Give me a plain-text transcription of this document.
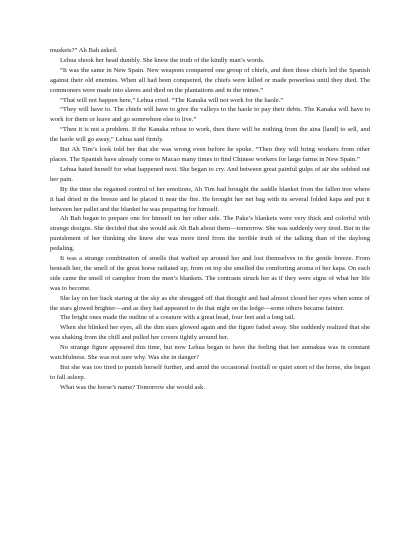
muskets?” Ah Bah asked.

Lehua shook her head dumbly. She knew the truth of the kindly man’s words.

“It was the same in New Spain. New weapons conquered one group of chiefs, and then those chiefs led the Spanish against their old enemies. When all had been conquered, the chiefs were killed or made powerless until they died. The commoners were made into slaves and died on the plantations and in the mines.”

“That will not happen here,” Lehua cried. “The Kanaka will not work for the haole.”

“They will have to. The chiefs will have to give the valleys to the haole to pay their debts. The Kanaka will have to work for them or leave and go somewhere else to live.”

“Then it is not a problem. If the Kanaka refuse to work, then there will be nothing from the aina [land] to sell, and the haole will go away,” Lehua said firmly.

But Ah Tim’s look told her that she was wrong even before he spoke. “Then they will bring workers from other places. The Spanish have already come to Macao many times to find Chinese workers for large farms in New Spain.”

Lehua hated herself for what happened next. She began to cry. And between great painful gulps of air she sobbed out her pain.

By the time she regained control of her emotions, Ah Tim had brought the saddle blanket from the fallen tree where it had dried in the breeze and he placed it near the fire. He brought her net bag with its several folded kapa and put it between her pallet and the blanket he was preparing for himself.

Ah Bah began to prepare one for himself on her other side. The Pake’s blankets were very thick and colorful with strange designs. She decided that she would ask Ah Bah about them—tomorrow. She was suddenly very tired. But in the punishment of her thinking she knew she was more tired from the terrible truth of the talking than of the daylong pedaling.

It was a strange combination of smells that wafted up around her and lost themselves in the gentle breeze. From beneath her, the smell of the great horse radiated up; from on top she smelled the comforting aroma of her kapa. On each side came the smell of camphor from the men’s blankets. The contrasts struck her as if they were signs of what her life was to become.

She lay on her back staring at the sky as she shrugged off that thought and had almost closed her eyes when some of the stars glowed brighter—and as they had appeared to do that night on the ledge—some others became fainter.

The bright ones made the outline of a creature with a great head, four feet and a long tail.

When she blinked her eyes, all the dim stars glowed again and the figure faded away. She suddenly realized that she was shaking from the chill and pulled her covers tightly around her.

No strange figure appeared this time, but now Lehua began to have the feeling that her aumakua was in constant watchfulness. She was not sure why. Was she in danger?

But she was too tired to punish herself further, and amid the occasional footfall or quiet snort of the horse, she began to fall asleep.

What was the horse’s name? Tomorrow she would ask.
